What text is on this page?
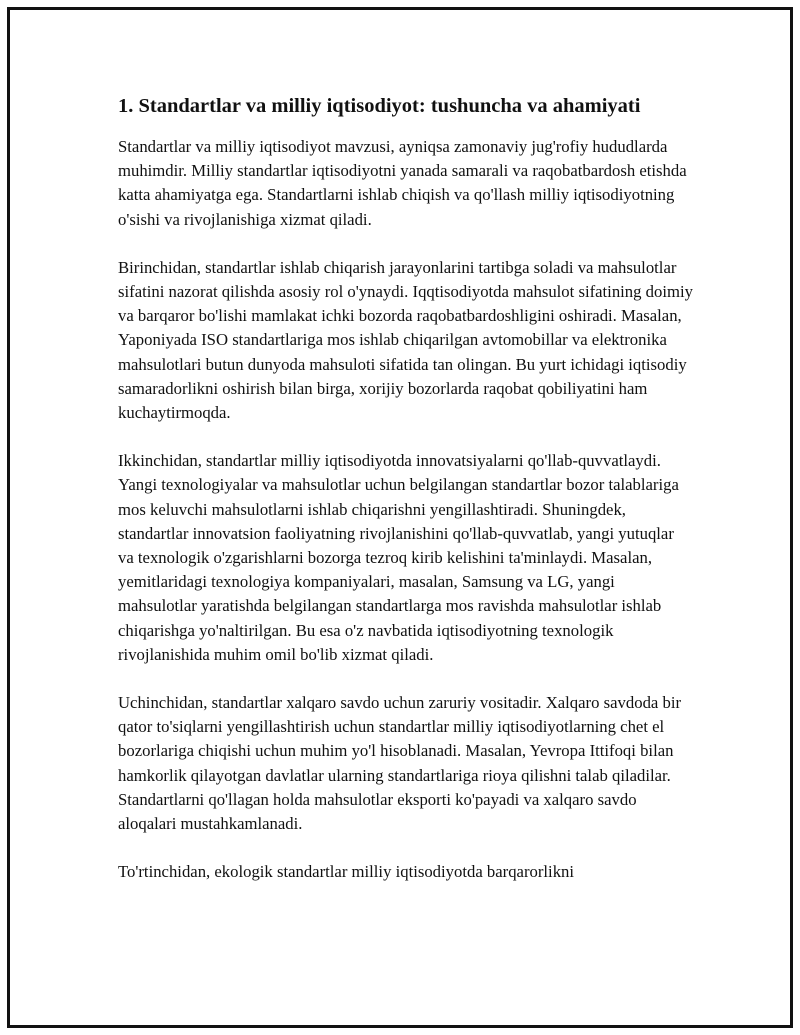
1. Standartlar va milliy iqtisodiyot: tushuncha va ahamiyati

Standartlar va milliy iqtisodiyot mavzusi, ayniqsa zamonaviy jug'rofiy hududlarda muhimdir. Milliy standartlar iqtisodiyotni yanada samarali va raqobatbardosh etishda katta ahamiyatga ega. Standartlarni ishlab chiqish va qo'llash milliy iqtisodiyotning o'sishi va rivojlanishiga xizmat qiladi.

Birinchidan, standartlar ishlab chiqarish jarayonlarini tartibga soladi va mahsulotlar sifatini nazorat qilishda asosiy rol o'ynaydi. Iqqtisodiyotda mahsulot sifatining doimiy va barqaror bo'lishi mamlakat ichki bozorda raqobatbardoshligini oshiradi. Masalan, Yaponiyada ISO standartlariga mos ishlab chiqarilgan avtomobillar va elektronika mahsulotlari butun dunyoda mahsuloti sifatida tan olingan. Bu yurt ichidagi iqtisodiy samaradorlikni oshirish bilan birga, xorijiy bozorlarda raqobat qobiliyatini ham kuchaytirmoqda.

Ikkinchidan, standartlar milliy iqtisodiyotda innovatsiyalarni qo'llab-quvvatlaydi. Yangi texnologiyalar va mahsulotlar uchun belgilangan standartlar bozor talablariga mos keluvchi mahsulotlarni ishlab chiqarishni yengillashtiradi. Shuningdek, standartlar innovatsion faoliyatning rivojlanishini qo'llab-quvvatlab, yangi yutuqlar va texnologik o'zgarishlarni bozorga tezroq kirib kelishini ta'minlaydi. Masalan, yemitlaridagi texnologiya kompaniyalari, masalan, Samsung va LG, yangi mahsulotlar yaratishda belgilangan standartlarga mos ravishda mahsulotlar ishlab chiqarishga yo'naltirilgan. Bu esa o'z navbatida iqtisodiyotning texnologik rivojlanishida muhim omil bo'lib xizmat qiladi.

Uchinchidan, standartlar xalqaro savdo uchun zaruriy vositadir. Xalqaro savdoda bir qator to'siqlarni yengillashtirish uchun standartlar milliy iqtisodiyotlarning chet el bozorlariga chiqishi uchun muhim yo'l hisoblanadi. Masalan, Yevropa Ittifoqi bilan hamkorlik qilayotgan davlatlar ularning standartlariga rioya qilishni talab qiladilar. Standartlarni qo'llagan holda mahsulotlar eksporti ko'payadi va xalqaro savdo aloqalari mustahkamlanadi.

To'rtinchidan, ekologik standartlar milliy iqtisodiyotda barqarorlikni
